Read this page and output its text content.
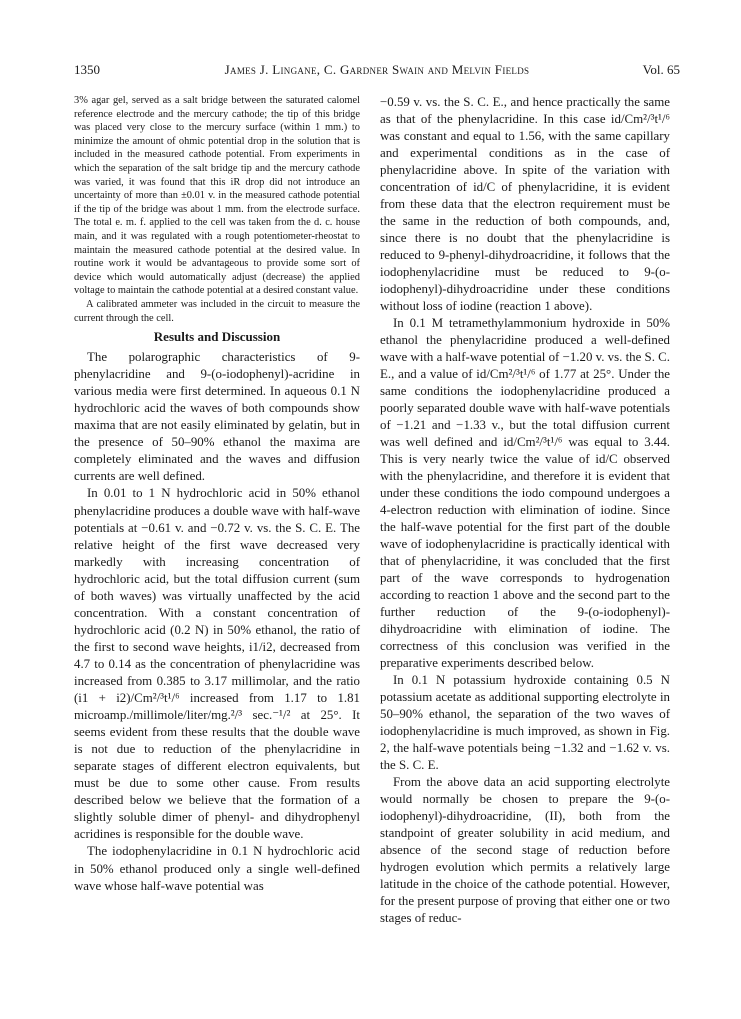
1350	James J. Lingane, C. Gardner Swain and Melvin Fields	Vol. 65

3% agar gel, served as a salt bridge between the saturated calomel reference electrode and the mercury cathode; the tip of this bridge was placed very close to the mercury surface (within 1 mm.) to minimize the amount of ohmic potential drop in the solution that is included in the measured cathode potential. From experiments in which the separation of the salt bridge tip and the mercury cathode was varied, it was found that this iR drop did not introduce an uncertainty of more than ±0.01 v. in the measured cathode potential if the tip of the bridge was about 1 mm. from the electrode surface. The total e. m. f. applied to the cell was taken from the d. c. house main, and it was regulated with a rough potentiometer-rheostat to maintain the measured cathode potential at the desired value. In routine work it would be advantageous to provide some sort of device which would automatically adjust (decrease) the applied voltage to maintain the cathode potential at a desired constant value.

A calibrated ammeter was included in the circuit to measure the current through the cell.

Results and Discussion

The polarographic characteristics of 9-phenylacridine and 9-(o-iodophenyl)-acridine in various media were first determined. In aqueous 0.1 N hydrochloric acid the waves of both compounds show maxima that are not easily eliminated by gelatin, but in the presence of 50–90% ethanol the maxima are completely eliminated and the waves and diffusion currents are well defined.

In 0.01 to 1 N hydrochloric acid in 50% ethanol phenylacridine produces a double wave with half-wave potentials at −0.61 v. and −0.72 v. vs. the S. C. E. The relative height of the first wave decreased very markedly with increasing concentration of hydrochloric acid, but the total diffusion current (sum of both waves) was virtually unaffected by the acid concentration. With a constant concentration of hydrochloric acid (0.2 N) in 50% ethanol, the ratio of the first to second wave heights, i1/i2, decreased from 4.7 to 0.14 as the concentration of phenylacridine was increased from 0.385 to 3.17 millimolar, and the ratio (i1 + i2)/Cm²/³t¹/⁶ increased from 1.17 to 1.81 microamp./millimole/liter/mg.²/³ sec.⁻¹/² at 25°. It seems evident from these results that the double wave is not due to reduction of the phenylacridine in separate stages of different electron equivalents, but must be due to some other cause. From results described below we believe that the formation of a slightly soluble dimer of phenyl- and dihydrophenyl acridines is responsible for the double wave.

The iodophenylacridine in 0.1 N hydrochloric acid in 50% ethanol produced only a single well-defined wave whose half-wave potential was

−0.59 v. vs. the S. C. E., and hence practically the same as that of the phenylacridine. In this case id/Cm²/³t¹/⁶ was constant and equal to 1.56, with the same capillary and experimental conditions as in the case of phenylacridine above. In spite of the variation with concentration of id/C of phenylacridine, it is evident from these data that the electron requirement must be the same in the reduction of both compounds, and, since there is no doubt that the phenylacridine is reduced to 9-phenyl-dihydroacridine, it follows that the iodophenylacridine must be reduced to 9-(o-iodophenyl)-dihydroacridine under these conditions without loss of iodine (reaction 1 above).

In 0.1 M tetramethylammonium hydroxide in 50% ethanol the phenylacridine produced a well-defined wave with a half-wave potential of −1.20 v. vs. the S. C. E., and a value of id/Cm²/³t¹/⁶ of 1.77 at 25°. Under the same conditions the iodophenylacridine produced a poorly separated double wave with half-wave potentials of −1.21 and −1.33 v., but the total diffusion current was well defined and id/Cm²/³t¹/⁶ was equal to 3.44. This is very nearly twice the value of id/C observed with the phenylacridine, and therefore it is evident that under these conditions the iodo compound undergoes a 4-electron reduction with elimination of iodine. Since the half-wave potential for the first part of the double wave of iodophenylacridine is practically identical with that of phenylacridine, it was concluded that the first part of the wave corresponds to hydrogenation according to reaction 1 above and the second part to the further reduction of the 9-(o-iodophenyl)-dihydroacridine with elimination of iodine. The correctness of this conclusion was verified in the preparative experiments described below.

In 0.1 N potassium hydroxide containing 0.5 N potassium acetate as additional supporting electrolyte in 50–90% ethanol, the separation of the two waves of iodophenylacridine is much improved, as shown in Fig. 2, the half-wave potentials being −1.32 and −1.62 v. vs. the S. C. E.

From the above data an acid supporting electrolyte would normally be chosen to prepare the 9-(o-iodophenyl)-dihydroacridine, (II), both from the standpoint of greater solubility in acid medium, and absence of the second stage of reduction before hydrogen evolution which permits a relatively large latitude in the choice of the cathode potential. However, for the present purpose of proving that either one or two stages of reduc-
